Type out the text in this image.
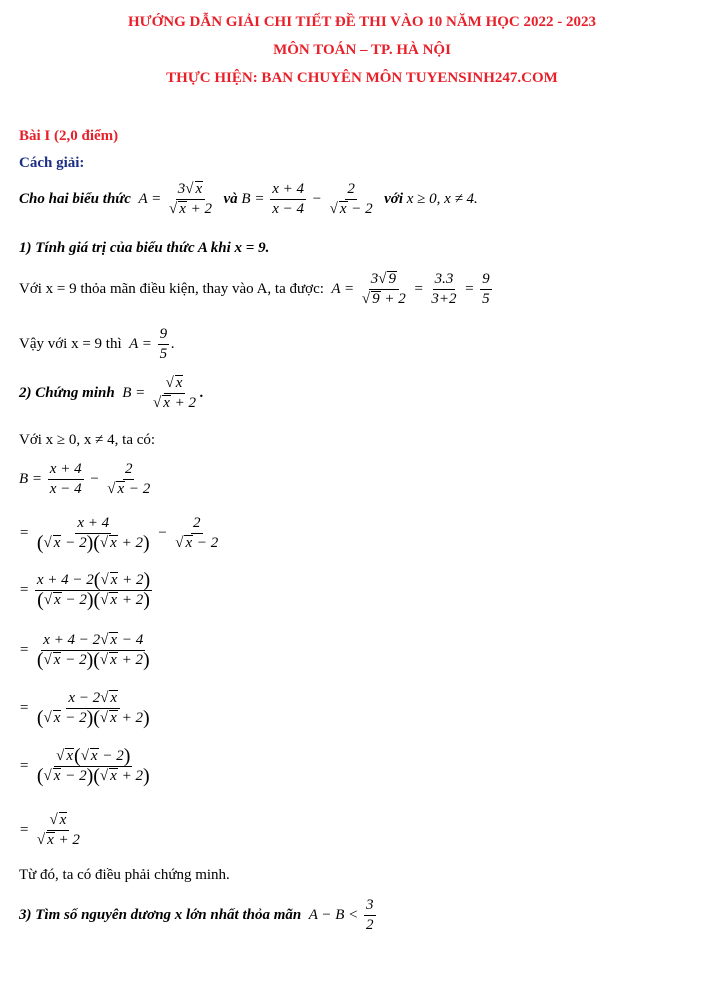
HƯỚNG DẪN GIẢI CHI TIẾT ĐỀ THI VÀO 10 NĂM HỌC 2022 - 2023
MÔN TOÁN – TP. HÀ NỘI
THỰC HIỆN: BAN CHUYÊN MÔN TUYENSINH247.COM
Bài I (2,0 điểm)
Cách giải:
Cho hai biểu thức  $A = \frac{3√ x}{√ x + 2}$ và $B = \frac{x + 4}{x - 4} - \frac{2}{√ x - 2}$ với x ≥ 0, x ≠ 4.
1) Tính giá trị của biểu thức A khi x = 9.
Với x = 9 thỏa mãn điều kiện, thay vào A, ta được:  $A = \frac{3√ 9}{√ 9 + 2} = \frac{3.3}{3+2} = \frac{9}{5}$
Vậy với x = 9 thì  $A = \frac{9}{5}$ .
2) Chứng minh  $B = \frac{√ x}{√ x + 2}$ .
Với x ≥ 0, x ≠ 4, ta có:
$B = \frac{x + 4}{x - 4} - \frac{2}{√ x - 2}$
= $\frac{x + 4}{(√ x - 2)(√ x + 2)} - \frac{2}{√ x - 2}$
= $\frac{x + 4 - 2(√ x + 2)}{(√ x - 2)(√ x + 2)}$
= $\frac{x + 4 - 2√ x - 4}{(√ x - 2)(√ x + 2)}$
= $\frac{x - 2√ x}{(√ x - 2)(√ x + 2)}$
= $\frac{√ x(√ x - 2)}{(√ x - 2)(√ x + 2)}$
= $\frac{√ x}{√ x + 2}$
Từ đó, ta có điều phải chứng minh.
3) Tìm số nguyên dương x lớn nhất thỏa mãn $A - B < \frac{3}{2}$
